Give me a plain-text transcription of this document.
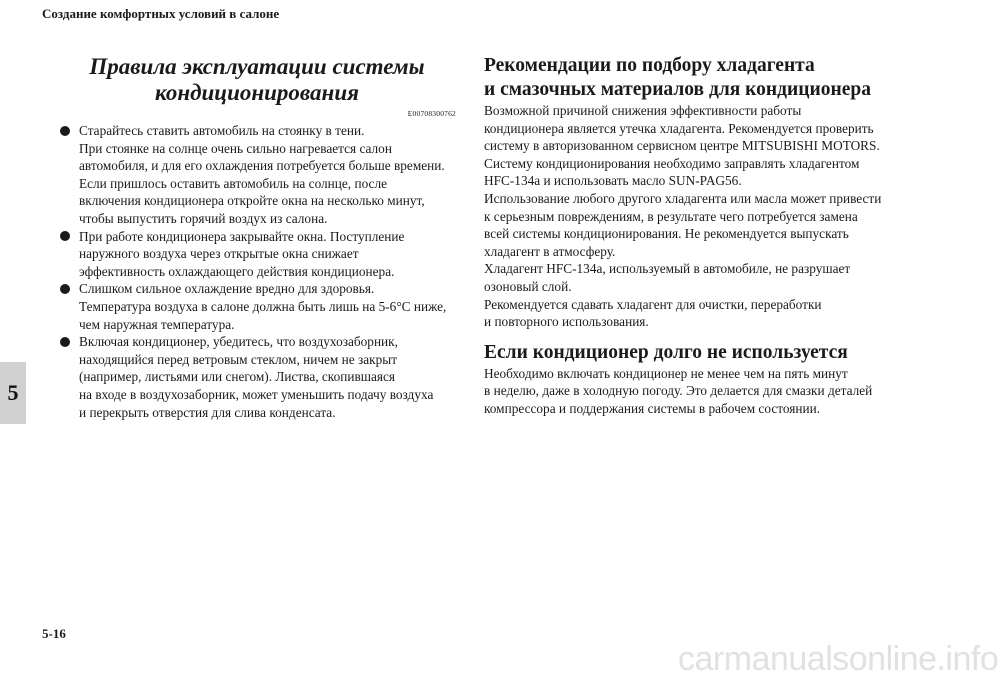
Создание комфортных условий в салоне
5
Правила эксплуатации системы
кондиционирования
E00708300762
Старайтесь ставить автомобиль на стоянку в тени.
При стоянке на солнце очень сильно нагревается салон
автомобиля, и для его охлаждения потребуется больше времени.
Если пришлось оставить автомобиль на солнце, после
включения кондиционера откройте окна на несколько минут,
чтобы выпустить горячий воздух из салона.
При работе кондиционера закрывайте окна. Поступление
наружного воздуха через открытые окна снижает
эффективность охлаждающего действия кондиционера.
Слишком сильное охлаждение вредно для здоровья.
Температура воздуха в салоне должна быть лишь на 5-6°C ниже,
чем наружная температура.
Включая кондиционер, убедитесь, что воздухозаборник,
находящийся перед ветровым стеклом, ничем не закрыт
(например, листьями или снегом). Листва, скопившаяся
на входе в воздухозаборник, может уменьшить подачу воздуха
и перекрыть отверстия для слива конденсата.
Рекомендации по подбору хладагента
и смазочных материалов для кондиционера

Возможной причиной снижения эффективности работы
кондиционера является утечка хладагента. Рекомендуется проверить
систему в авторизованном сервисном центре MITSUBISHI MOTORS.
Систему кондиционирования необходимо заправлять хладагентом
HFC-134a и использовать масло SUN-PAG56.
Использование любого другого хладагента или масла может привести
к серьезным повреждениям, в результате чего потребуется замена
всей системы кондиционирования. Не рекомендуется выпускать
хладагент в атмосферу.
Хладагент HFC-134a, используемый в автомобиле, не разрушает
озоновый слой.
Рекомендуется сдавать хладагент для очистки, переработки
и повторного использования.

Если кондиционер долго не используется

Необходимо включать кондиционер не менее чем на пять минут
в неделю, даже в холодную погоду. Это делается для смазки деталей
компрессора и поддержания системы в рабочем состоянии.

5-16
carmanualsonline.info
